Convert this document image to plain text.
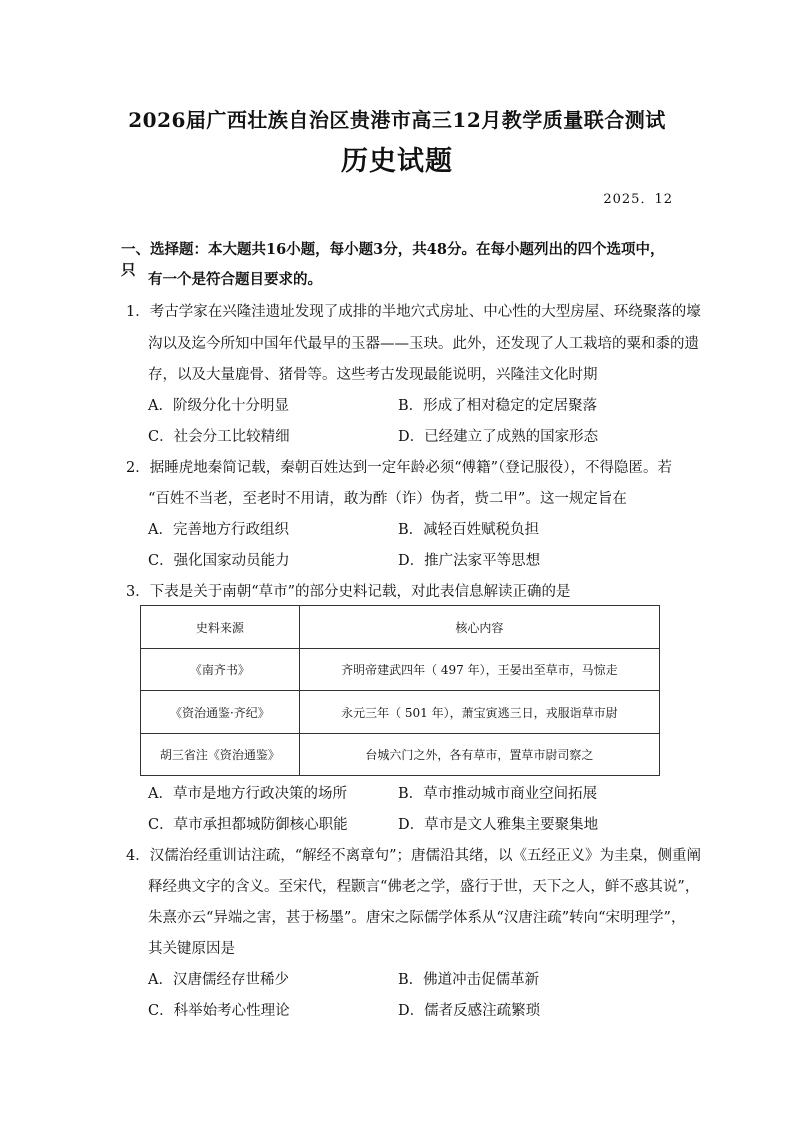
2026届广西壮族自治区贵港市高三12月教学质量联合测试
历史试题
2025．12
一、选择题：本大题共16小题，每小题3分，共48分。在每小题列出的四个选项中，只
有一个是符合题目要求的。
1．考古学家在兴隆洼遗址发现了成排的半地穴式房址、中心性的大型房屋、环绕聚落的壕
沟以及迄今所知中国年代最早的玉器——玉玦。此外，还发现了人工栽培的粟和黍的遗
存，以及大量鹿骨、猪骨等。这些考古发现最能说明，兴隆洼文化时期
A．阶级分化十分明显	B．形成了相对稳定的定居聚落
C．社会分工比较精细	D．已经建立了成熟的国家形态
2．据睡虎地秦简记载，秦朝百姓达到一定年龄必须“傅籍”（登记服役），不得隐匿。若
“百姓不当老，至老时不用请，敢为酢（诈）伪者，赀二甲”。这一规定旨在
A．完善地方行政组织	B．减轻百姓赋税负担
C．强化国家动员能力	D．推广法家平等思想
3．下表是关于南朝“草市”的部分史料记载，对此表信息解读正确的是
史料来源	核心内容
《南齐书》	齐明帝建武四年（ 497 年），王晏出至草市，马惊走
《资治通鉴·齐纪》	永元三年（ 501 年），萧宝寅逃三日，戎服诣草市尉
胡三省注《资治通鉴》	台城六门之外，各有草市，置草市尉司察之
A．草市是地方行政决策的场所	B．草市推动城市商业空间拓展
C．草市承担都城防御核心职能	D．草市是文人雅集主要聚集地
4．汉儒治经重训诂注疏，“解经不离章句”；唐儒沿其绪，以《五经正义》为圭臬，侧重阐
释经典文字的含义。至宋代，程颢言“佛老之学，盛行于世，天下之人，鲜不惑其说”，
朱熹亦云“异端之害，甚于杨墨”。唐宋之际儒学体系从“汉唐注疏”转向“宋明理学”，
其关键原因是
A．汉唐儒经存世稀少	B．佛道冲击促儒革新
C．科举始考心性理论	D．儒者反感注疏繁琐
